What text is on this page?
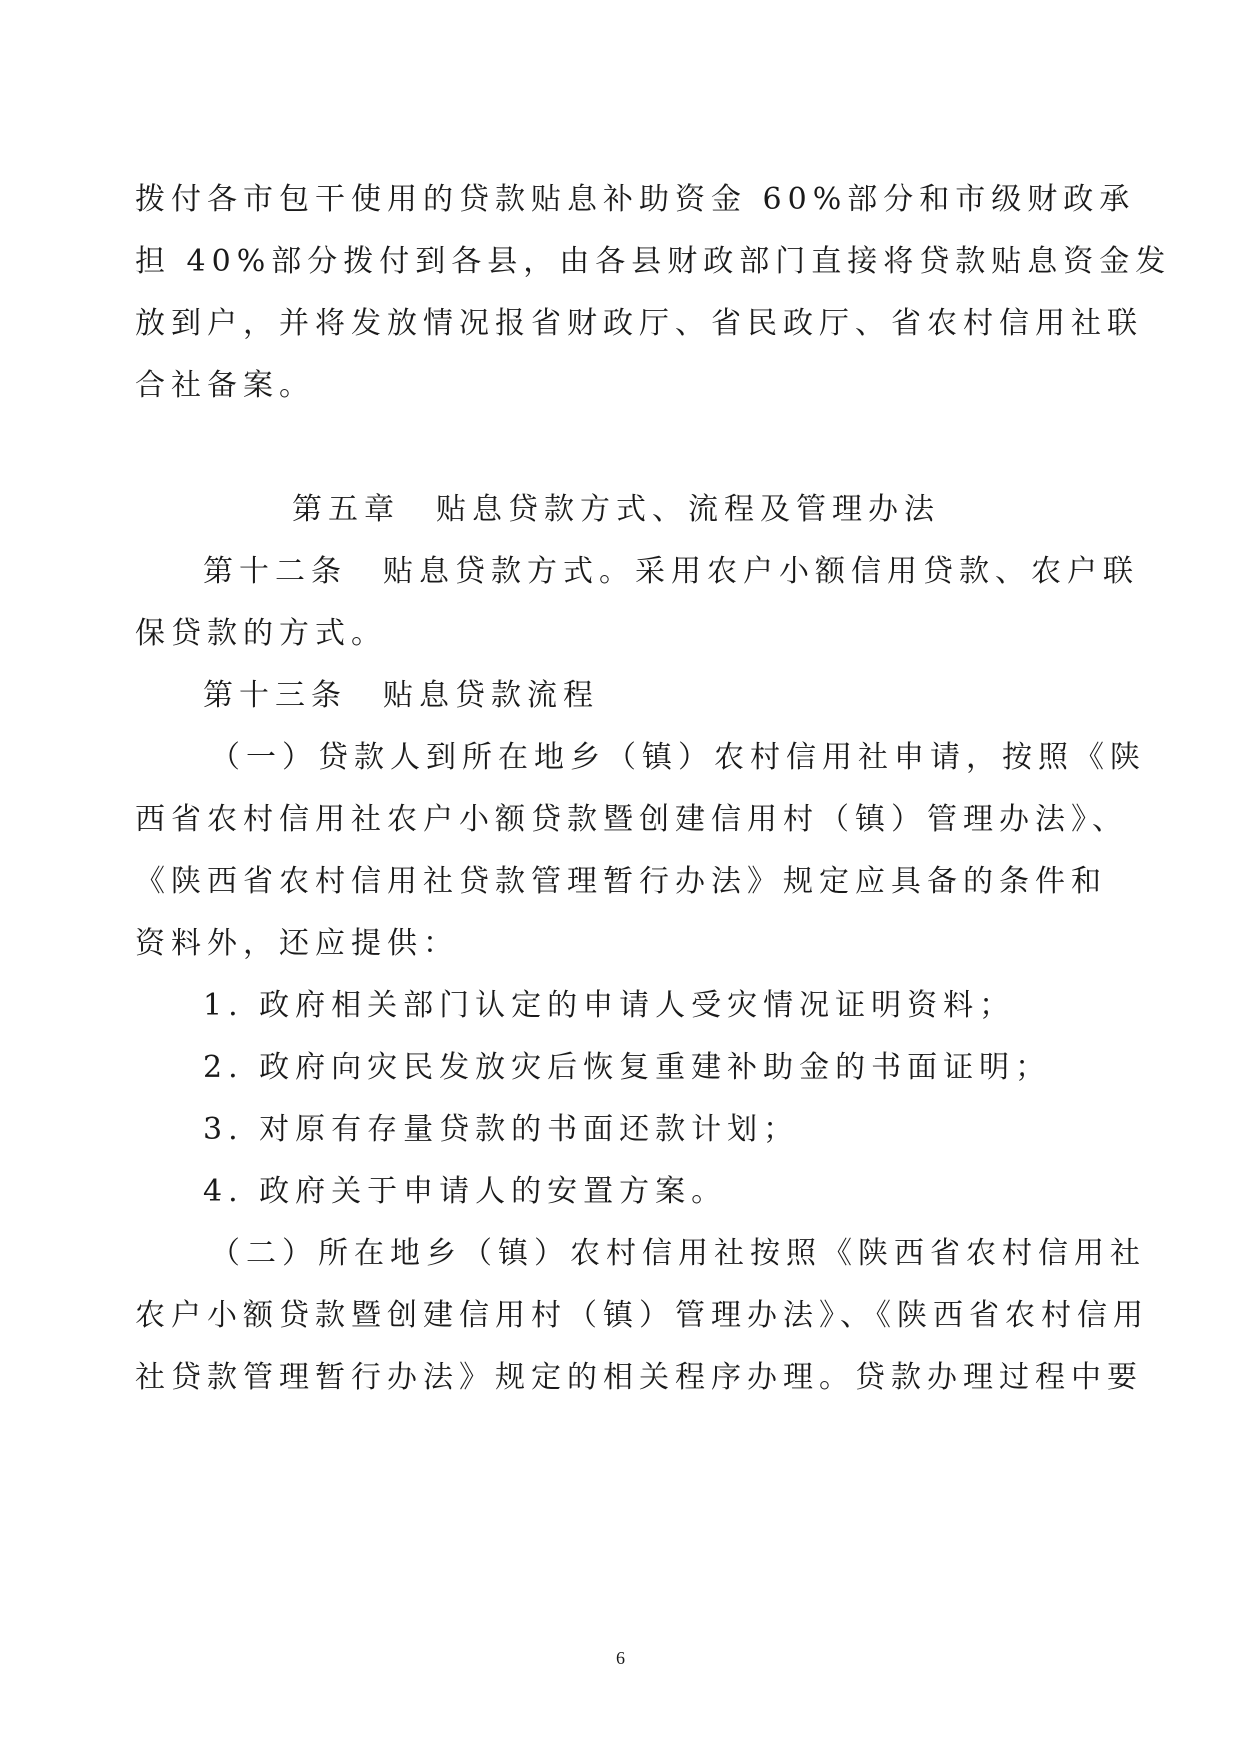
拨付各市包干使用的贷款贴息补助资金 60%部分和市级财政承
担 40%部分拨付到各县，由各县财政部门直接将贷款贴息资金发
放到户，并将发放情况报省财政厅、省民政厅、省农村信用社联
合社备案。
第五章　贴息贷款方式、流程及管理办法
第十二条　贴息贷款方式。采用农户小额信用贷款、农户联
保贷款的方式。
第十三条　贴息贷款流程
（一）贷款人到所在地乡（镇）农村信用社申请，按照《陕
西省农村信用社农户小额贷款暨创建信用村（镇）管理办法》、
《陕西省农村信用社贷款管理暂行办法》规定应具备的条件和
资料外，还应提供：
1. 政府相关部门认定的申请人受灾情况证明资料；
2. 政府向灾民发放灾后恢复重建补助金的书面证明；
3. 对原有存量贷款的书面还款计划；
4. 政府关于申请人的安置方案。
（二）所在地乡（镇）农村信用社按照《陕西省农村信用社
农户小额贷款暨创建信用村（镇）管理办法》、《陕西省农村信用
社贷款管理暂行办法》规定的相关程序办理。贷款办理过程中要
6
